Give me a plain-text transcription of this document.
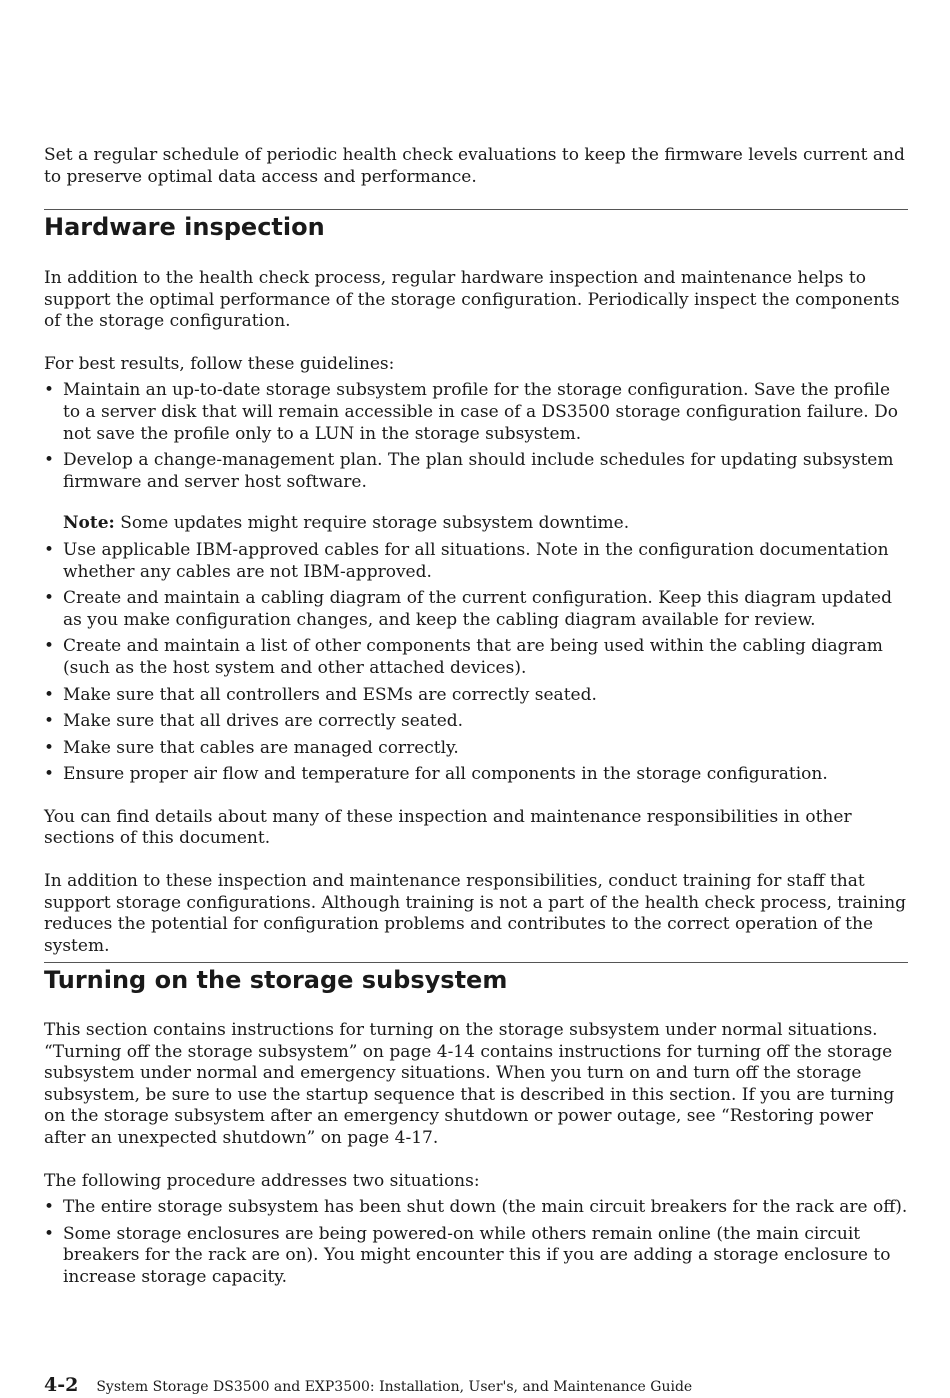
Set a regular schedule of periodic health check evaluations to keep the firmware levels current and to preserve optimal data access and performance.

Hardware inspection

In addition to the health check process, regular hardware inspection and maintenance helps to support the optimal performance of the storage configuration. Periodically inspect the components of the storage configuration.

For best results, follow these guidelines:

• Maintain an up-to-date storage subsystem profile for the storage configuration. Save the profile to a server disk that will remain accessible in case of a DS3500 storage configuration failure. Do not save the profile only to a LUN in the storage subsystem.
• Develop a change-management plan. The plan should include schedules for updating subsystem firmware and server host software.
Note: Some updates might require storage subsystem downtime.
• Use applicable IBM-approved cables for all situations. Note in the configuration documentation whether any cables are not IBM-approved.
• Create and maintain a cabling diagram of the current configuration. Keep this diagram updated as you make configuration changes, and keep the cabling diagram available for review.
• Create and maintain a list of other components that are being used within the cabling diagram (such as the host system and other attached devices).
• Make sure that all controllers and ESMs are correctly seated.
• Make sure that all drives are correctly seated.
• Make sure that cables are managed correctly.
• Ensure proper air flow and temperature for all components in the storage configuration.

You can find details about many of these inspection and maintenance responsibilities in other sections of this document.

In addition to these inspection and maintenance responsibilities, conduct training for staff that support storage configurations. Although training is not a part of the health check process, training reduces the potential for configuration problems and contributes to the correct operation of the system.

Turning on the storage subsystem

This section contains instructions for turning on the storage subsystem under normal situations. “Turning off the storage subsystem” on page 4-14 contains instructions for turning off the storage subsystem under normal and emergency situations. When you turn on and turn off the storage subsystem, be sure to use the startup sequence that is described in this section. If you are turning on the storage subsystem after an emergency shutdown or power outage, see “Restoring power after an unexpected shutdown” on page 4-17.

The following procedure addresses two situations:

• The entire storage subsystem has been shut down (the main circuit breakers for the rack are off).
• Some storage enclosures are being powered-on while others remain online (the main circuit breakers for the rack are on). You might encounter this if you are adding a storage enclosure to increase storage capacity.
4-2 System Storage DS3500 and EXP3500: Installation, User's, and Maintenance Guide
